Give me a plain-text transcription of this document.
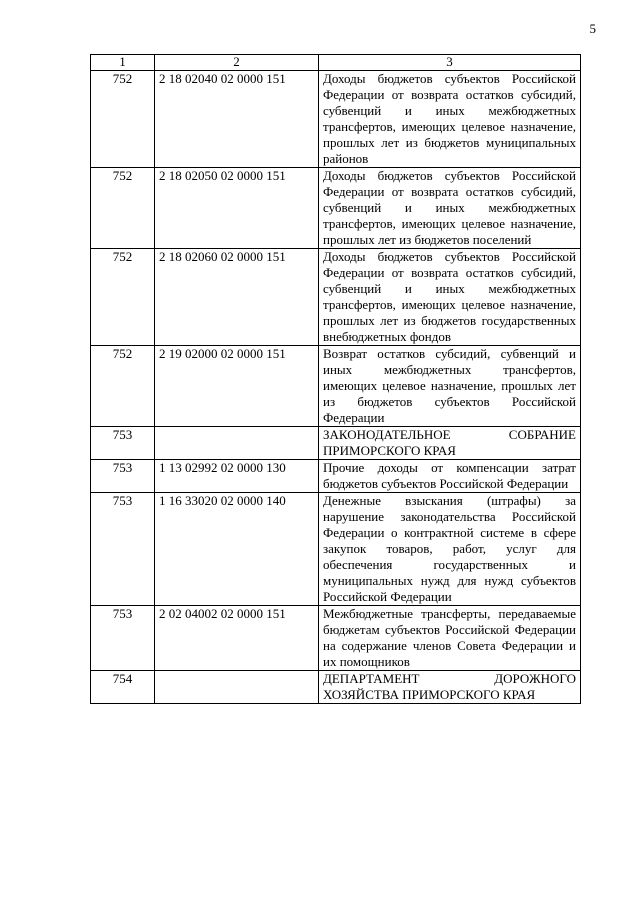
5
1	2	3
752	2 18 02040 02 0000 151	Доходы бюджетов субъектов Российской Федерации от возврата остатков субсидий, субвенций и иных межбюджетных трансфертов, имеющих целевое назначение, прошлых лет из бюджетов муниципальных районов
752	2 18 02050 02 0000 151	Доходы бюджетов субъектов Российской Федерации от возврата остатков субсидий, субвенций и иных межбюджетных трансфертов, имеющих целевое назначение, прошлых лет из бюджетов поселений
752	2 18 02060 02 0000 151	Доходы бюджетов субъектов Российской Федерации от возврата остатков субсидий, субвенций и иных межбюджетных трансфертов, имеющих целевое назначение, прошлых лет из бюджетов государственных внебюджетных фондов
752	2 19 02000 02 0000 151	Возврат остатков субсидий, субвенций и иных межбюджетных трансфертов, имеющих целевое назначение, прошлых лет из бюджетов субъектов Российской Федерации
753		ЗАКОНОДАТЕЛЬНОЕ СОБРАНИЕ ПРИМОРСКОГО КРАЯ
753	1 13 02992 02 0000 130	Прочие доходы от компенсации затрат бюджетов субъектов Российской Федерации
753	1 16 33020 02 0000 140	Денежные взыскания (штрафы) за нарушение законодательства Российской Федерации о контрактной системе в сфере закупок товаров, работ, услуг для обеспечения государственных и муниципальных нужд для нужд субъектов Российской Федерации
753	2 02 04002 02 0000 151	Межбюджетные трансферты, передаваемые бюджетам субъектов Российской Федерации на содержание членов Совета Федерации и их помощников
754		ДЕПАРТАМЕНТ ДОРОЖНОГО ХОЗЯЙСТВА ПРИМОРСКОГО КРАЯ
